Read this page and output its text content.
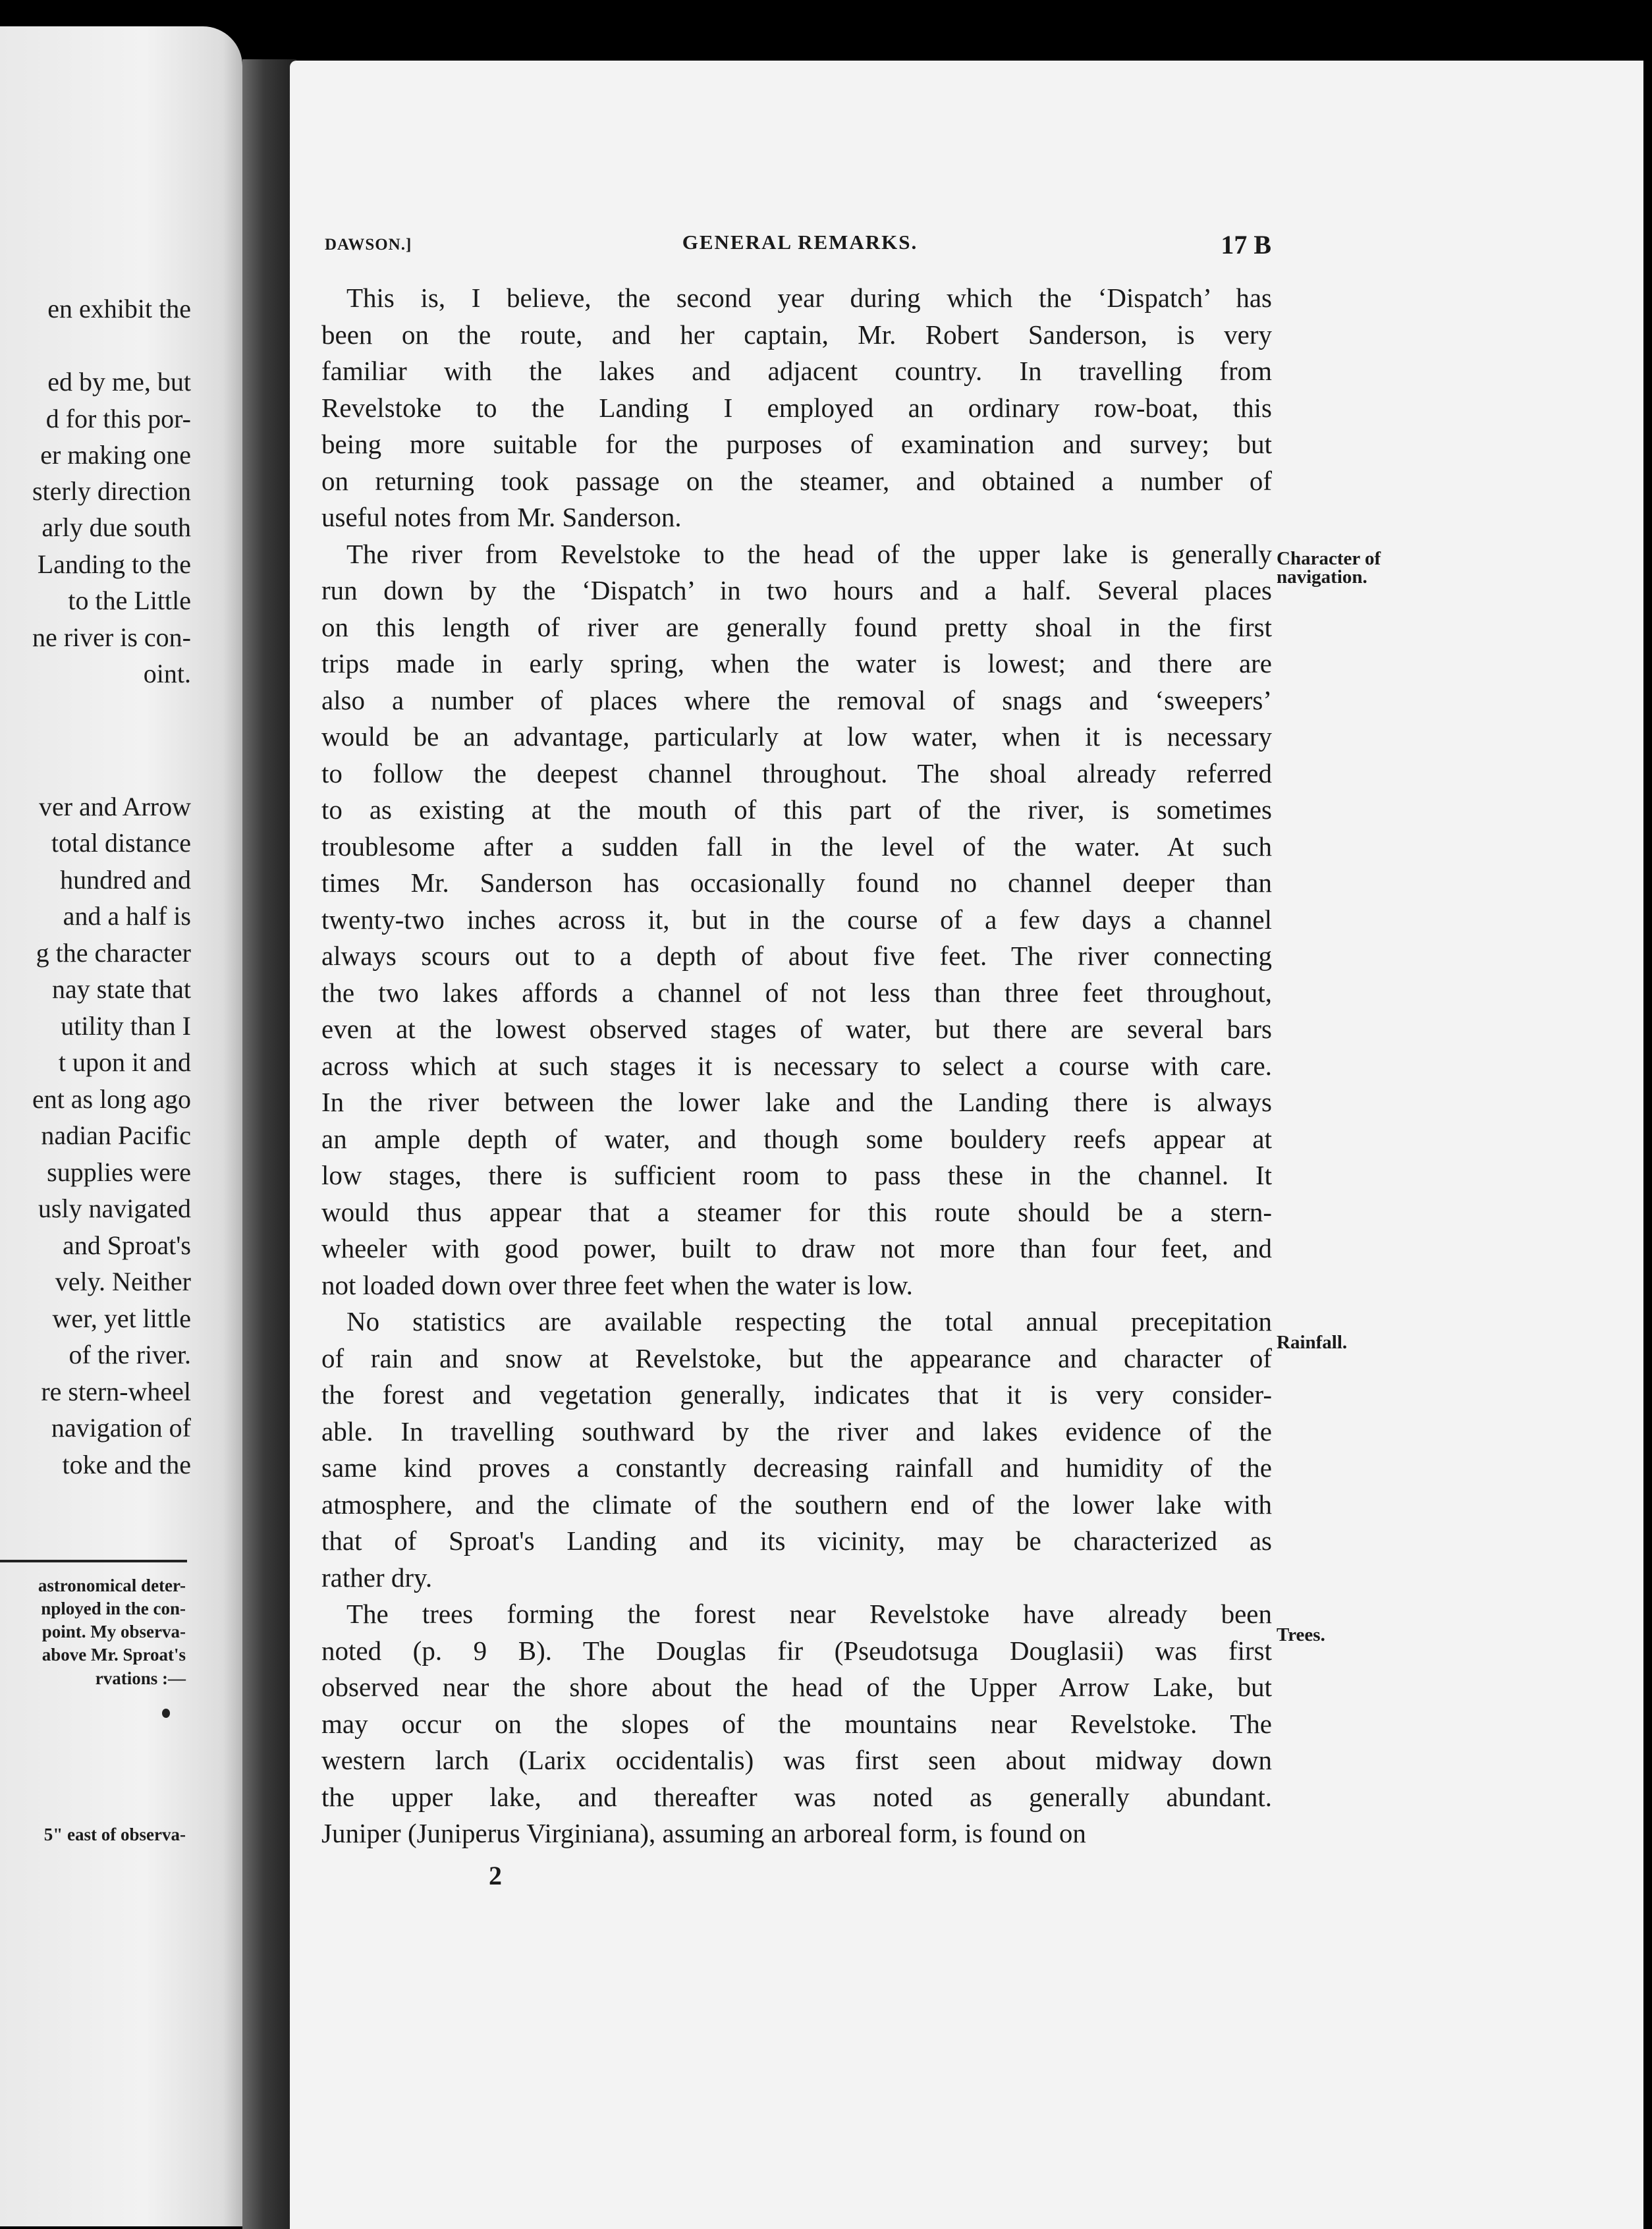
en exhibit the
ed by me, but
d for this por-
er making one
sterly direction
arly due south
Landing to the
to the Little
ne river is con-
oint.
ver and Arrow
total distance
hundred and
and a half is
g the character
nay state that
utility than I
t upon it and
ent as long ago
nadian Pacific
supplies were
usly navigated
and Sproat's
vely. Neither
wer, yet little
of the river.
re stern-wheel
navigation of
toke and the
astronomical deter-
nployed in the con-
point. My observa-
above Mr. Sproat's
rvations :—
5" east of observa-
DAWSON.]	GENERAL REMARKS.	17 B
This is, I believe, the second year during which the ‘Dispatch’ has
been on the route, and her captain, Mr. Robert Sanderson, is very
familiar with the lakes and adjacent country. In travelling from
Revelstoke to the Landing I employed an ordinary row-boat, this
being more suitable for the purposes of examination and survey; but
on returning took passage on the steamer, and obtained a number of
useful notes from Mr. Sanderson.
The river from Revelstoke to the head of the upper lake is generally
run down by the ‘Dispatch’ in two hours and a half. Several places
on this length of river are generally found pretty shoal in the first
trips made in early spring, when the water is lowest; and there are
also a number of places where the removal of snags and ‘sweepers’
would be an advantage, particularly at low water, when it is necessary
to follow the deepest channel throughout. The shoal already referred
to as existing at the mouth of this part of the river, is sometimes
troublesome after a sudden fall in the level of the water. At such
times Mr. Sanderson has occasionally found no channel deeper than
twenty-two inches across it, but in the course of a few days a channel
always scours out to a depth of about five feet. The river connecting
the two lakes affords a channel of not less than three feet throughout,
even at the lowest observed stages of water, but there are several bars
across which at such stages it is necessary to select a course with care.
In the river between the lower lake and the Landing there is always
an ample depth of water, and though some bouldery reefs appear at
low stages, there is sufficient room to pass these in the channel. It
would thus appear that a steamer for this route should be a stern-
wheeler with good power, built to draw not more than four feet, and
not loaded down over three feet when the water is low.
No statistics are available respecting the total annual precepitation
of rain and snow at Revelstoke, but the appearance and character of
the forest and vegetation generally, indicates that it is very consider-
able. In travelling southward by the river and lakes evidence of the
same kind proves a constantly decreasing rainfall and humidity of the
atmosphere, and the climate of the southern end of the lower lake with
that of Sproat's Landing and its vicinity, may be characterized as
rather dry.
The trees forming the forest near Revelstoke have already been
noted (p. 9 B). The Douglas fir (Pseudotsuga Douglasii) was first
observed near the shore about the head of the Upper Arrow Lake, but
may occur on the slopes of the mountains near Revelstoke. The
western larch (Larix occidentalis) was first seen about midway down
the upper lake, and thereafter was noted as generally abundant.
Juniper (Juniperus Virginiana), assuming an arboreal form, is found on
Character of
navigation.
Rainfall.
Trees.
2
